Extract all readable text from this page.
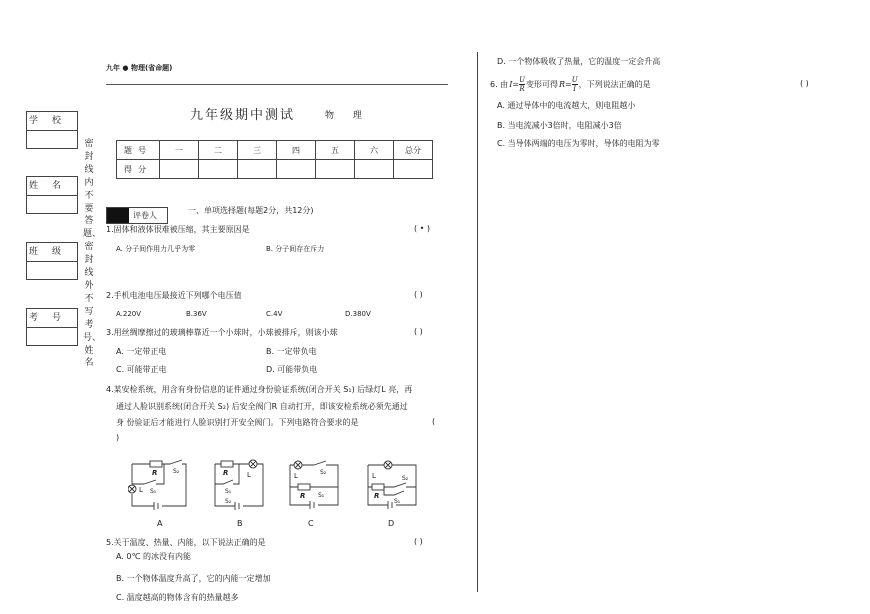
九年 ● 物理(省命题)
九年级期中测试	物 理
学校
姓名
班级
考号
密封线内不要答题、密封线外不写考号、姓名
题号	一	二	三	四	五	六	总分
得分							
评卷人
一、单项选择题(每题2分，共12分)
1.固体和液体很难被压缩，其主要原因是	( • )
A. 分子间作用力几乎为零	B. 分子间存在斥力
2.手机电池电压最接近下列哪个电压值	( )
A.220V	B.36V	C.4V	D.380V
3.用丝绸摩擦过的玻璃棒靠近一个小球时，小球被排斥，则该小球	( )
A. 一定带正电	B. 一定带负电
C. 可能带正电	D. 可能带负电
4.某安检系统，用含有身份信息的证件通过身份验证系统(闭合开关 S₁) 后绿灯L 亮，再
通过人脸识别系统(闭合开关 S₂) 后安全阀门R 自动打开，即该安检系统必须先通过
身 份验证后才能进行人脸识别打开安全阀门。下列电路符合要求的是	(
)
R	S₂
L S₁
A
R	L
S₁
S₂
B
L	S₂
R S₁
C
L
R
S₂
S₁
D
5.关于温度、热量、内能，以下说法正确的是	( )
A. 0℃ 的冰没有内能
B. 一个物体温度升高了，它的内能一定增加
C. 温度越高的物体含有的热量越多
D. 一个物体吸收了热量，它的温度一定会升高
6. 由 I = U
R 变形可得 R = U
I ，下列说法正确的是	( )
A. 通过导体中的电流越大，则电阻越小
B. 当电流减小3倍时，电阻减小3倍
C. 当导体两端的电压为零时，导体的电阻为零
